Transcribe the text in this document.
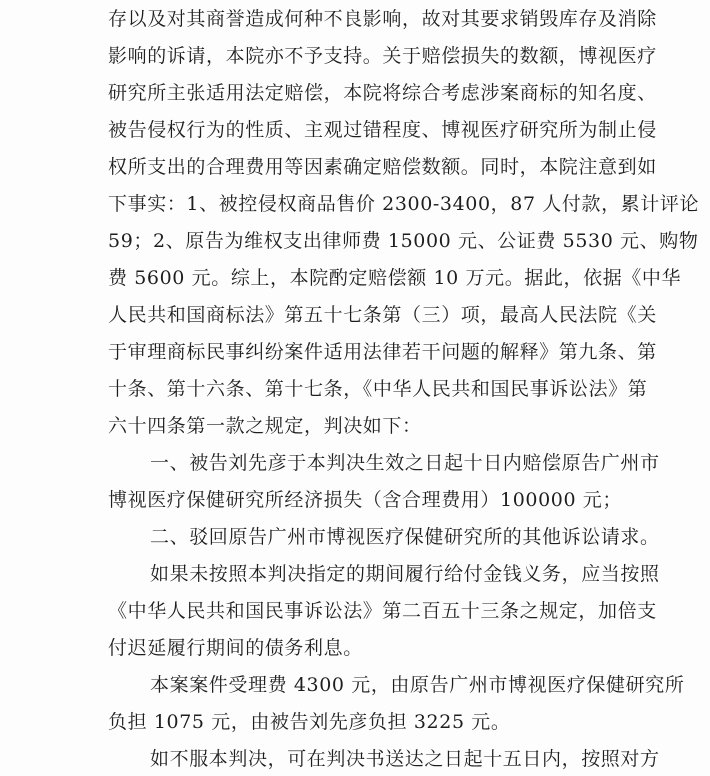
存以及对其商誉造成何种不良影响，故对其要求销毁库存及消除

影响的诉请，本院亦不予支持。关于赔偿损失的数额，博视医疗

研究所主张适用法定赔偿，本院将综合考虑涉案商标的知名度、

被告侵权行为的性质、主观过错程度、博视医疗研究所为制止侵

权所支出的合理费用等因素确定赔偿数额。同时，本院注意到如

下事实：1、被控侵权商品售价 2300-3400，87 人付款，累计评论

59；2、原告为维权支出律师费 15000 元、公证费 5530 元、购物

费 5600 元。综上，本院酌定赔偿额 10 万元。据此，依据《中华

人民共和国商标法》第五十七条第（三）项，最高人民法院《关

于审理商标民事纠纷案件适用法律若干问题的解释》第九条、第

十条、第十六条、第十七条，《中华人民共和国民事诉讼法》第

六十四条第一款之规定，判决如下：

一、被告刘先彦于本判决生效之日起十日内赔偿原告广州市

博视医疗保健研究所经济损失（含合理费用）100000 元；

二、驳回原告广州市博视医疗保健研究所的其他诉讼请求。

如果未按照本判决指定的期间履行给付金钱义务，应当按照

《中华人民共和国民事诉讼法》第二百五十三条之规定，加倍支

付迟延履行期间的债务利息。

本案案件受理费 4300 元，由原告广州市博视医疗保健研究所

负担 1075 元，由被告刘先彦负担 3225 元。

如不服本判决，可在判决书送达之日起十五日内，按照对方
